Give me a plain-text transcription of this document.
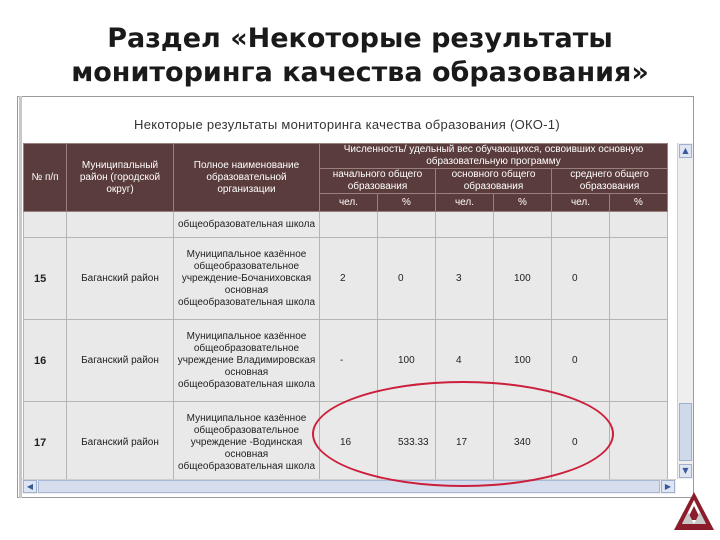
Раздел «Некоторые результаты
мониторинга качества образования»
Некоторые результаты мониторинга качества образования (ОКО-1)
№ п/п	Муниципальный район (городской округ)	Полное наименование образовательной организации	Численность/ удельный вес обучающихся, освоивших основную образовательную программу					
			начального общего образования		основного общего образования		среднего общего образования	
			чел.	%	чел.	%	чел.	%
		общеобразовательная школа						
15	Баганский район	Муниципальное казённое общеобразовательное учреждение-Бочаниховская основная общеобразовательная школа	2	0	3	100	0	
16	Баганский район	Муниципальное казённое общеобразовательное учреждение Владимировская основная общеобразовательная школа	-	100	4	100	0	
17	Баганский район	Муниципальное казённое общеобразовательное учреждение -Водинская основная общеобразовательная школа	16	533.33	17	340	0	
▲
▼
◀	▶
